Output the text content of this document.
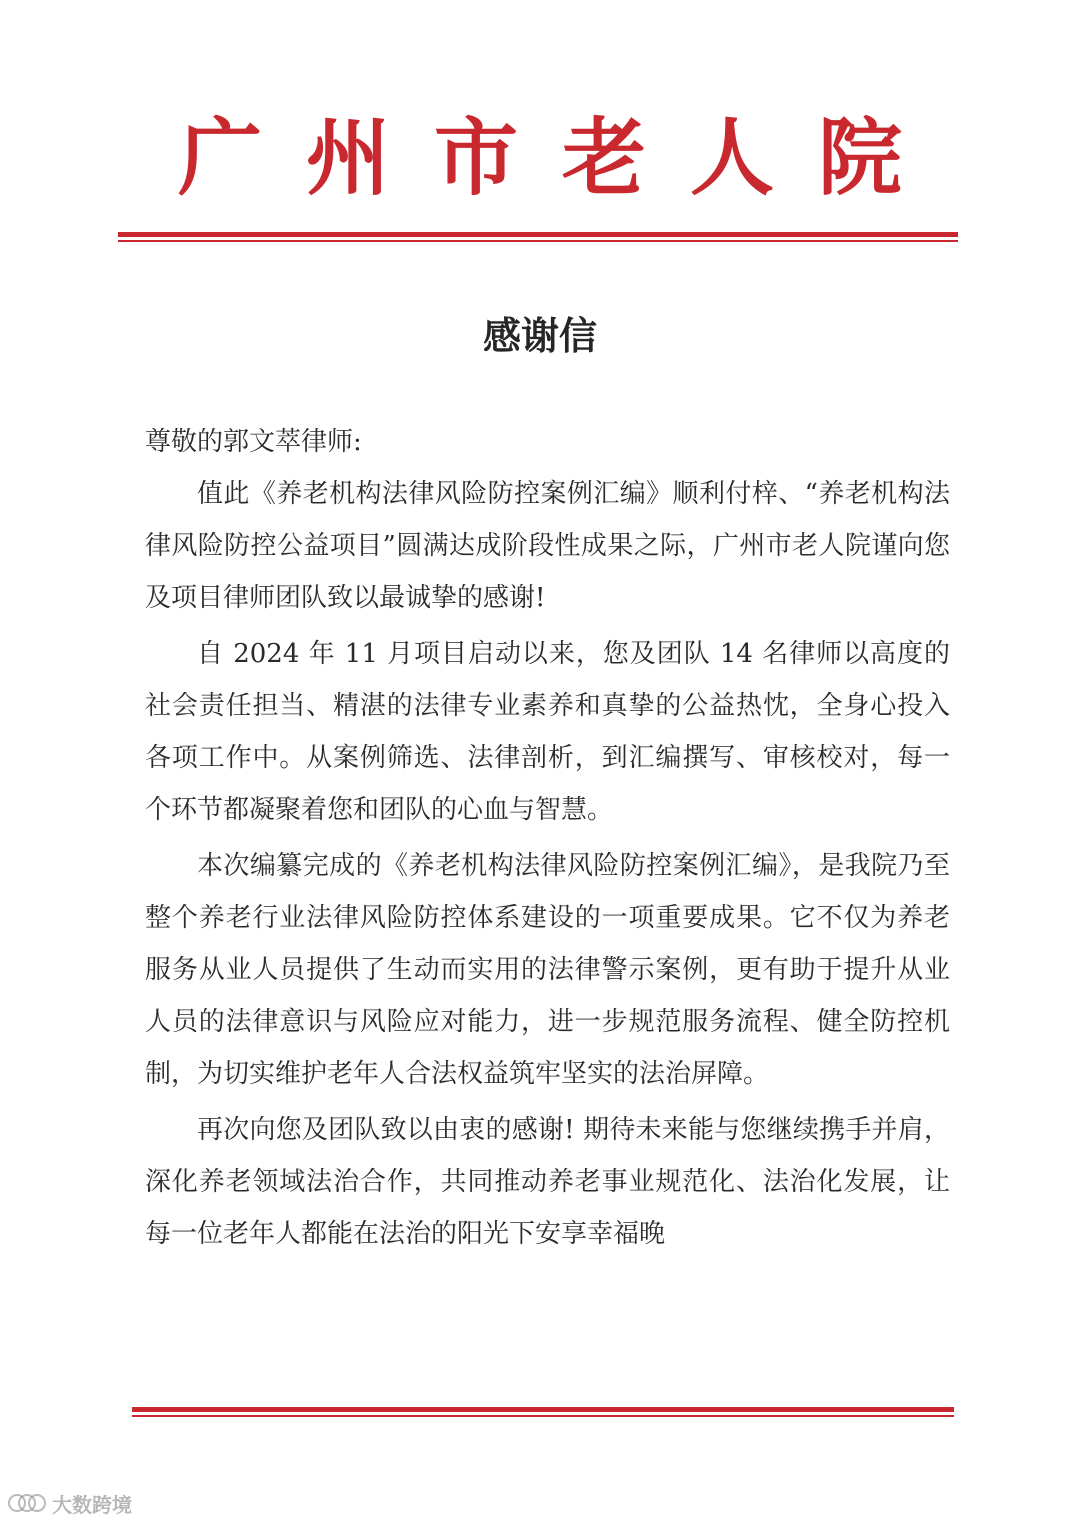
广州市老人院
感谢信

尊敬的郭文萃律师:

值此《养老机构法律风险防控案例汇编》顺利付梓、“养老机构法律风险防控公益项目”圆满达成阶段性成果之际，广州市老人院谨向您及项目律师团队致以最诚挚的感谢!

自 2024 年 11 月项目启动以来，您及团队 14 名律师以高度的社会责任担当、精湛的法律专业素养和真挚的公益热忱，全身心投入各项工作中。从案例筛选、法律剖析，到汇编撰写、审核校对，每一个环节都凝聚着您和团队的心血与智慧。

本次编纂完成的《养老机构法律风险防控案例汇编》，是我院乃至整个养老行业法律风险防控体系建设的一项重要成果。它不仅为养老服务从业人员提供了生动而实用的法律警示案例，更有助于提升从业人员的法律意识与风险应对能力，进一步规范服务流程、健全防控机制，为切实维护老年人合法权益筑牢坚实的法治屏障。

再次向您及团队致以由衷的感谢! 期待未来能与您继续携手并肩，深化养老领域法治合作，共同推动养老事业规范化、法治化发展，让每一位老年人都能在法治的阳光下安享幸福晚

大数跨境
